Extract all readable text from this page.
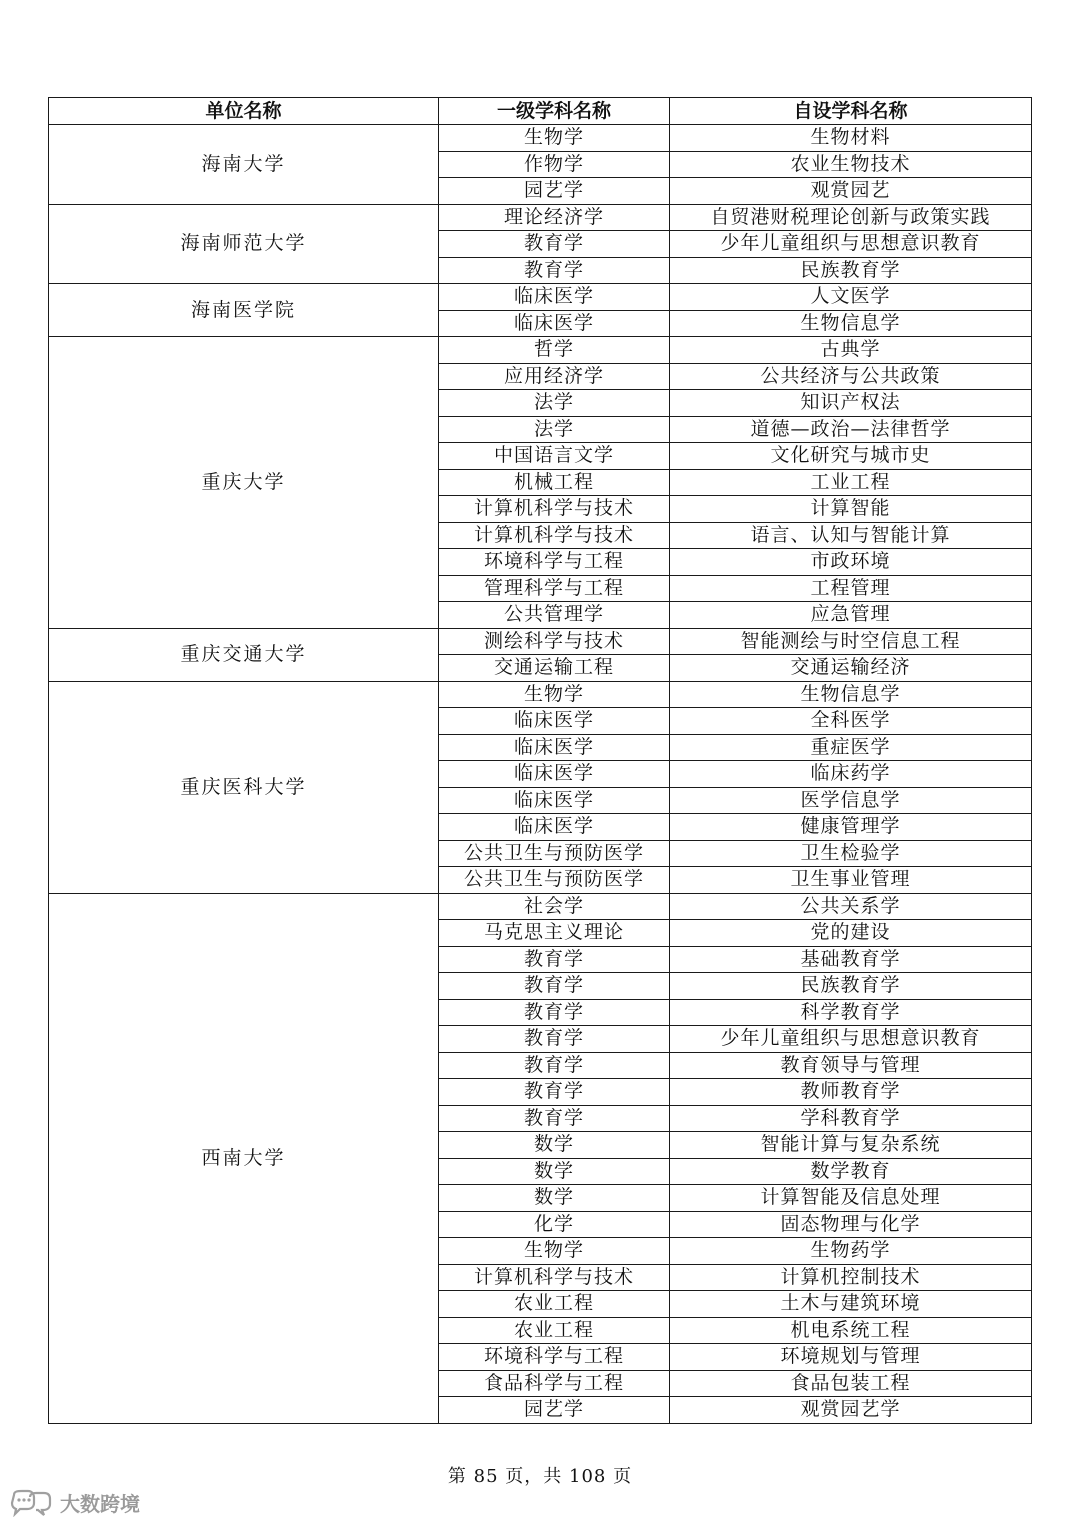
单位名称	一级学科名称	自设学科名称
海南大学	生物学	生物材料
	作物学	农业生物技术
	园艺学	观赏园艺
海南师范大学	理论经济学	自贸港财税理论创新与政策实践
	教育学	少年儿童组织与思想意识教育
	教育学	民族教育学
海南医学院	临床医学	人文医学
	临床医学	生物信息学
重庆大学	哲学	古典学
	应用经济学	公共经济与公共政策
	法学	知识产权法
	法学	道德—政治—法律哲学
	中国语言文学	文化研究与城市史
	机械工程	工业工程
	计算机科学与技术	计算智能
	计算机科学与技术	语言、认知与智能计算
	环境科学与工程	市政环境
	管理科学与工程	工程管理
	公共管理学	应急管理
重庆交通大学	测绘科学与技术	智能测绘与时空信息工程
	交通运输工程	交通运输经济
重庆医科大学	生物学	生物信息学
	临床医学	全科医学
	临床医学	重症医学
	临床医学	临床药学
	临床医学	医学信息学
	临床医学	健康管理学
	公共卫生与预防医学	卫生检验学
	公共卫生与预防医学	卫生事业管理
西南大学	社会学	公共关系学
	马克思主义理论	党的建设
	教育学	基础教育学
	教育学	民族教育学
	教育学	科学教育学
	教育学	少年儿童组织与思想意识教育
	教育学	教育领导与管理
	教育学	教师教育学
	教育学	学科教育学
	数学	智能计算与复杂系统
	数学	数学教育
	数学	计算智能及信息处理
	化学	固态物理与化学
	生物学	生物药学
	计算机科学与技术	计算机控制技术
	农业工程	土木与建筑环境
	农业工程	机电系统工程
	环境科学与工程	环境规划与管理
	食品科学与工程	食品包装工程
	园艺学	观赏园艺学
第 85 页，共 108 页
大数跨境
